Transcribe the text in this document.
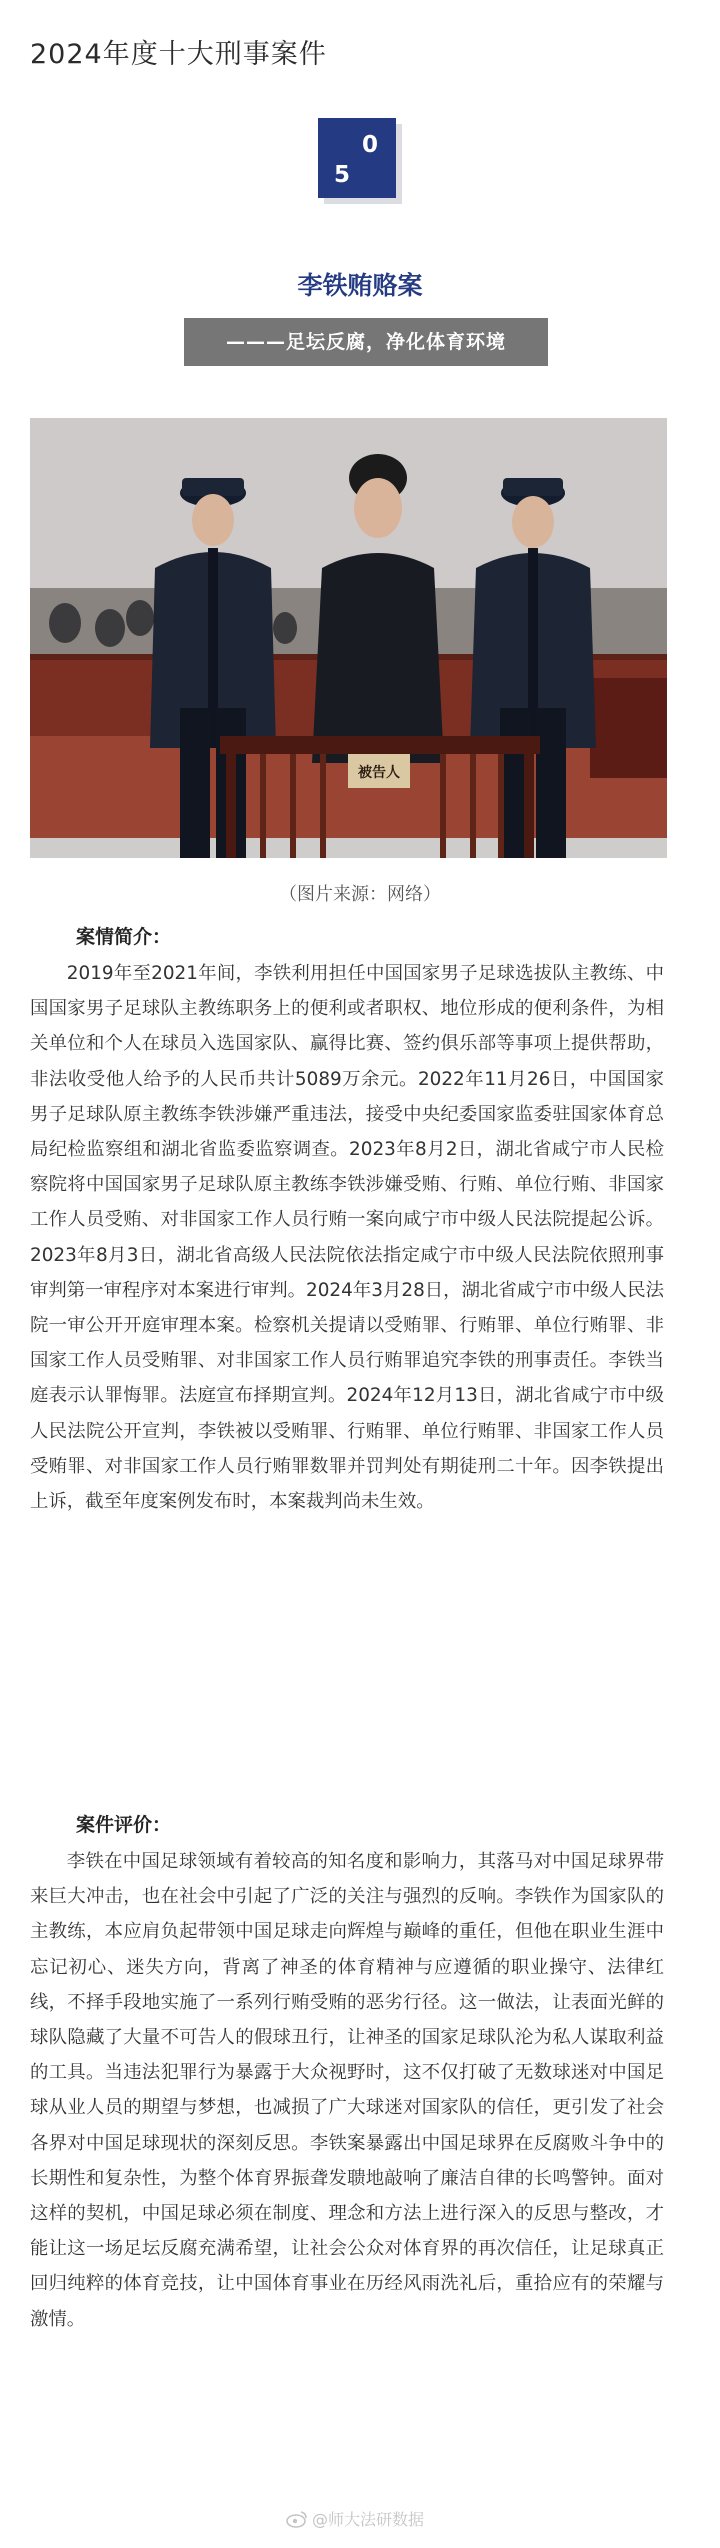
2024年度十大刑事案件
0
5
李铁贿赂案
———足坛反腐，净化体育环境
被告人
（图片来源：网络）
案情简介：

2019年至2021年间，李铁利用担任中国国家男子足球选拔队主教练、中国国家男子足球队主教练职务上的便利或者职权、地位形成的便利条件，为相关单位和个人在球员入选国家队、赢得比赛、签约俱乐部等事项上提供帮助，非法收受他人给予的人民币共计5089万余元。2022年11月26日，中国国家男子足球队原主教练李铁涉嫌严重违法，接受中央纪委国家监委驻国家体育总局纪检监察组和湖北省监委监察调查。2023年8月2日，湖北省咸宁市人民检察院将中国国家男子足球队原主教练李铁涉嫌受贿、行贿、单位行贿、非国家工作人员受贿、对非国家工作人员行贿一案向咸宁市中级人民法院提起公诉。2023年8月3日，湖北省高级人民法院依法指定咸宁市中级人民法院依照刑事审判第一审程序对本案进行审判。2024年3月28日，湖北省咸宁市中级人民法院一审公开开庭审理本案。检察机关提请以受贿罪、行贿罪、单位行贿罪、非国家工作人员受贿罪、对非国家工作人员行贿罪追究李铁的刑事责任。李铁当庭表示认罪悔罪。法庭宣布择期宣判。2024年12月13日，湖北省咸宁市中级人民法院公开宣判，李铁被以受贿罪、行贿罪、单位行贿罪、非国家工作人员受贿罪、对非国家工作人员行贿罪数罪并罚判处有期徒刑二十年。因李铁提出上诉，截至年度案例发布时，本案裁判尚未生效。

案件评价：

李铁在中国足球领域有着较高的知名度和影响力，其落马对中国足球界带来巨大冲击，也在社会中引起了广泛的关注与强烈的反响。李铁作为国家队的主教练，本应肩负起带领中国足球走向辉煌与巅峰的重任，但他在职业生涯中忘记初心、迷失方向，背离了神圣的体育精神与应遵循的职业操守、法律红线，不择手段地实施了一系列行贿受贿的恶劣行径。这一做法，让表面光鲜的球队隐藏了大量不可告人的假球丑行，让神圣的国家足球队沦为私人谋取利益的工具。当违法犯罪行为暴露于大众视野时，这不仅打破了无数球迷对中国足球从业人员的期望与梦想，也减损了广大球迷对国家队的信任，更引发了社会各界对中国足球现状的深刻反思。李铁案暴露出中国足球界在反腐败斗争中的长期性和复杂性，为整个体育界振聋发聩地敲响了廉洁自律的长鸣警钟。面对这样的契机，中国足球必须在制度、理念和方法上进行深入的反思与整改，才能让这一场足坛反腐充满希望，让社会公众对体育界的再次信任，让足球真正回归纯粹的体育竞技，让中国体育事业在历经风雨洗礼后，重拾应有的荣耀与激情。

@师大法研数据
